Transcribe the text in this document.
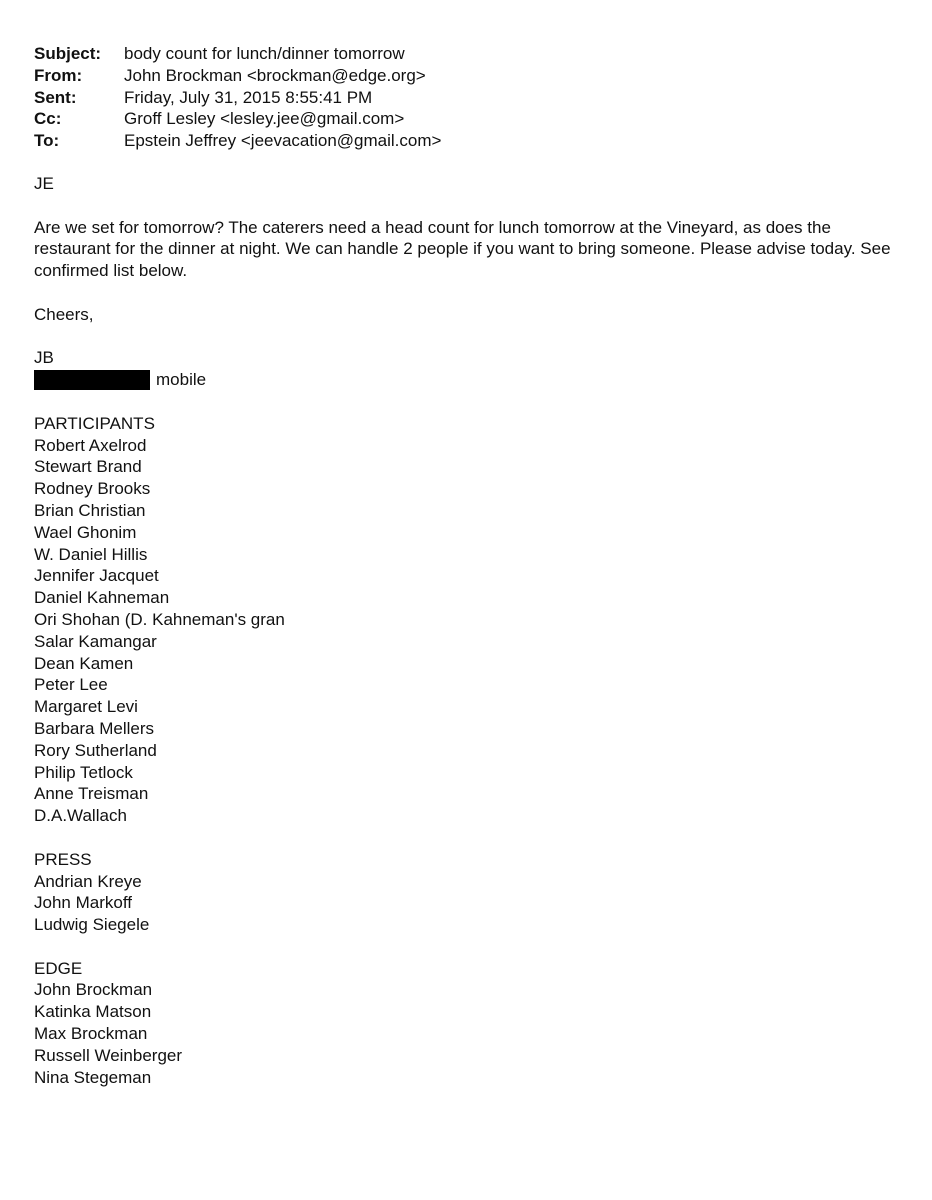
Subject:	body count for lunch/dinner tomorrow
From:	John Brockman <brockman@edge.org>
Sent:	Friday, July 31, 2015 8:55:41 PM
Cc:	Groff Lesley <lesley.jee@gmail.com>
To:	Epstein Jeffrey <jeevacation@gmail.com>

JE

Are we set for tomorrow? The caterers need a head count for lunch tomorrow at the Vineyard, as does the restaurant for the dinner at night. We can handle 2 people if you want to bring someone. Please advise today. See confirmed list below.

Cheers,

JB

mobile
PARTICIPANTS
Robert Axelrod
Stewart Brand
Rodney Brooks
Brian Christian
Wael Ghonim
W. Daniel Hillis
Jennifer Jacquet
Daniel Kahneman
Ori Shohan (D. Kahneman's gran
Salar Kamangar
Dean Kamen
Peter Lee
Margaret Levi
Barbara Mellers
Rory Sutherland
Philip Tetlock
Anne Treisman
D.A.Wallach
PRESS
Andrian Kreye
John Markoff
Ludwig Siegele
EDGE
John Brockman
Katinka Matson
Max Brockman
Russell Weinberger
Nina Stegeman
